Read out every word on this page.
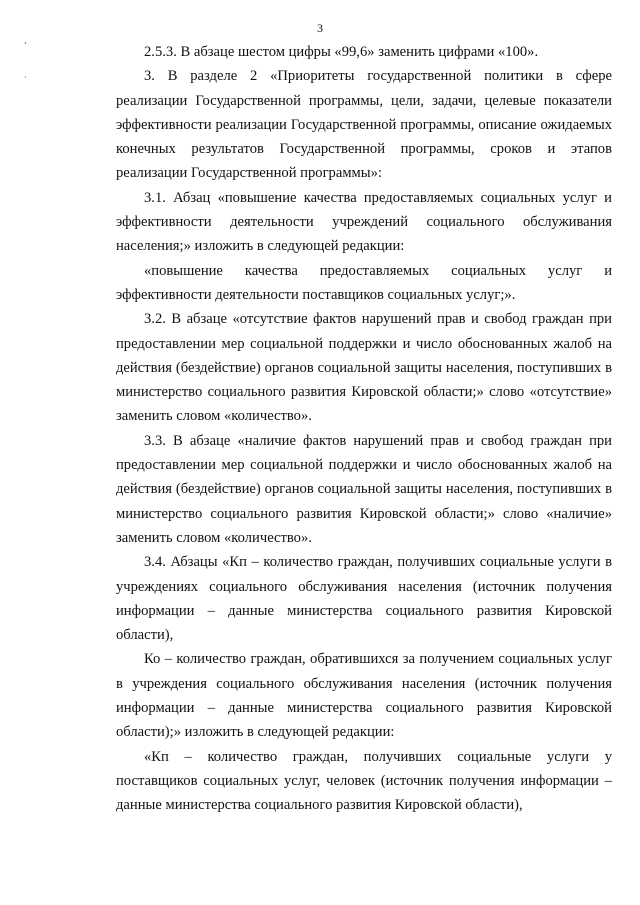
¸
·
3

2.5.3. В абзаце шестом цифры «99,6» заменить цифрами «100».

3. В разделе 2 «Приоритеты государственной политики в сфере реализации Государственной программы, цели, задачи, целевые показатели эффективности реализации Государственной программы, описание ожидаемых конечных результатов Государственной программы, сроков и этапов реализации Государственной программы»:

3.1. Абзац «повышение качества предоставляемых социальных услуг и эффективности деятельности учреждений социального обслуживания населения;» изложить в следующей редакции:

«повышение качества предоставляемых социальных услуг и эффективности деятельности поставщиков социальных услуг;».

3.2. В абзаце «отсутствие фактов нарушений прав и свобод граждан при предоставлении мер социальной поддержки и число обоснованных жалоб на действия (бездействие) органов социальной защиты населения, поступивших в министерство социального развития Кировской области;» слово «отсутствие» заменить словом «количество».

3.3. В абзаце «наличие фактов нарушений прав и свобод граждан при предоставлении мер социальной поддержки и число обоснованных жалоб на действия (бездействие) органов социальной защиты населения, поступивших в министерство социального развития Кировской области;» слово «наличие» заменить словом «количество».

3.4. Абзацы «Кп – количество граждан, получивших социальные услуги в учреждениях социального обслуживания населения (источник получения информации – данные министерства социального развития Кировской области),

Ко – количество граждан, обратившихся за получением социальных услуг в учреждения социального обслуживания населения (источник получения информации – данные министерства социального развития Кировской области);» изложить в следующей редакции:

«Кп – количество граждан, получивших социальные услуги у поставщиков социальных услуг, человек (источник получения информации – данные министерства социального развития Кировской области),
